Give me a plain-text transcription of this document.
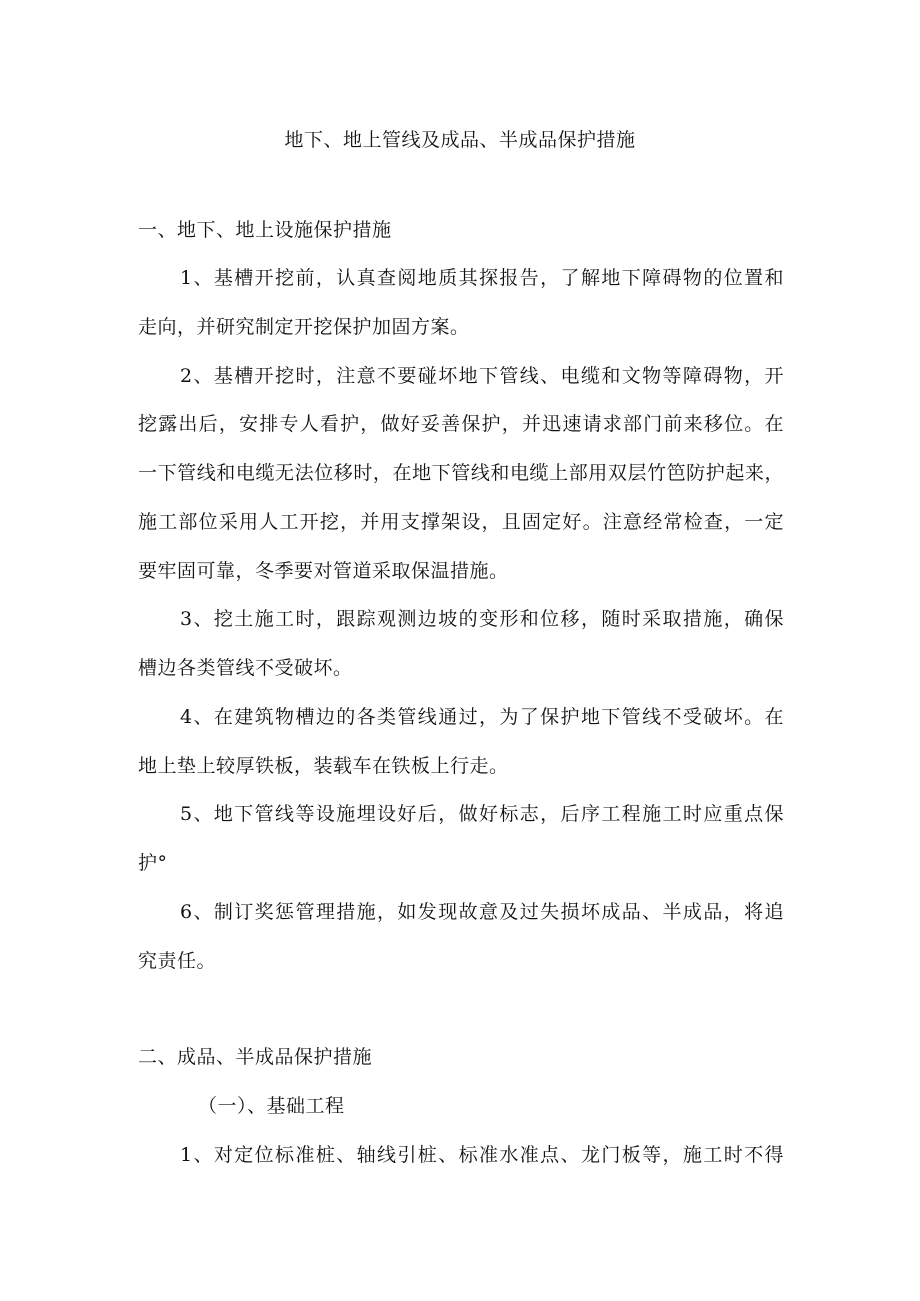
地下、地上管线及成品、半成品保护措施
一、地下、地上设施保护措施
1、基槽开挖前，认真查阅地质其探报告，了解地下障碍物的位置和
走向，并研究制定开挖保护加固方案。
2、基槽开挖时，注意不要碰坏地下管线、电缆和文物等障碍物，开
挖露出后，安排专人看护，做好妥善保护，并迅速请求部门前来移位。在
一下管线和电缆无法位移时，在地下管线和电缆上部用双层竹笆防护起来，
施工部位采用人工开挖，并用支撑架设，且固定好。注意经常检查，一定
要牢固可靠，冬季要对管道采取保温措施。
3、挖土施工时，跟踪观测边坡的变形和位移，随时采取措施，确保
槽边各类管线不受破坏。
4、在建筑物槽边的各类管线通过，为了保护地下管线不受破坏。在
地上垫上较厚铁板，装载车在铁板上行走。
5、地下管线等设施埋设好后，做好标志，后序工程施工时应重点保
护°
6、制订奖惩管理措施，如发现故意及过失损坏成品、半成品，将追
究责任。
二、成品、半成品保护措施
（一）、基础工程
1、对定位标准桩、轴线引桩、标准水准点、龙门板等，施工时不得
